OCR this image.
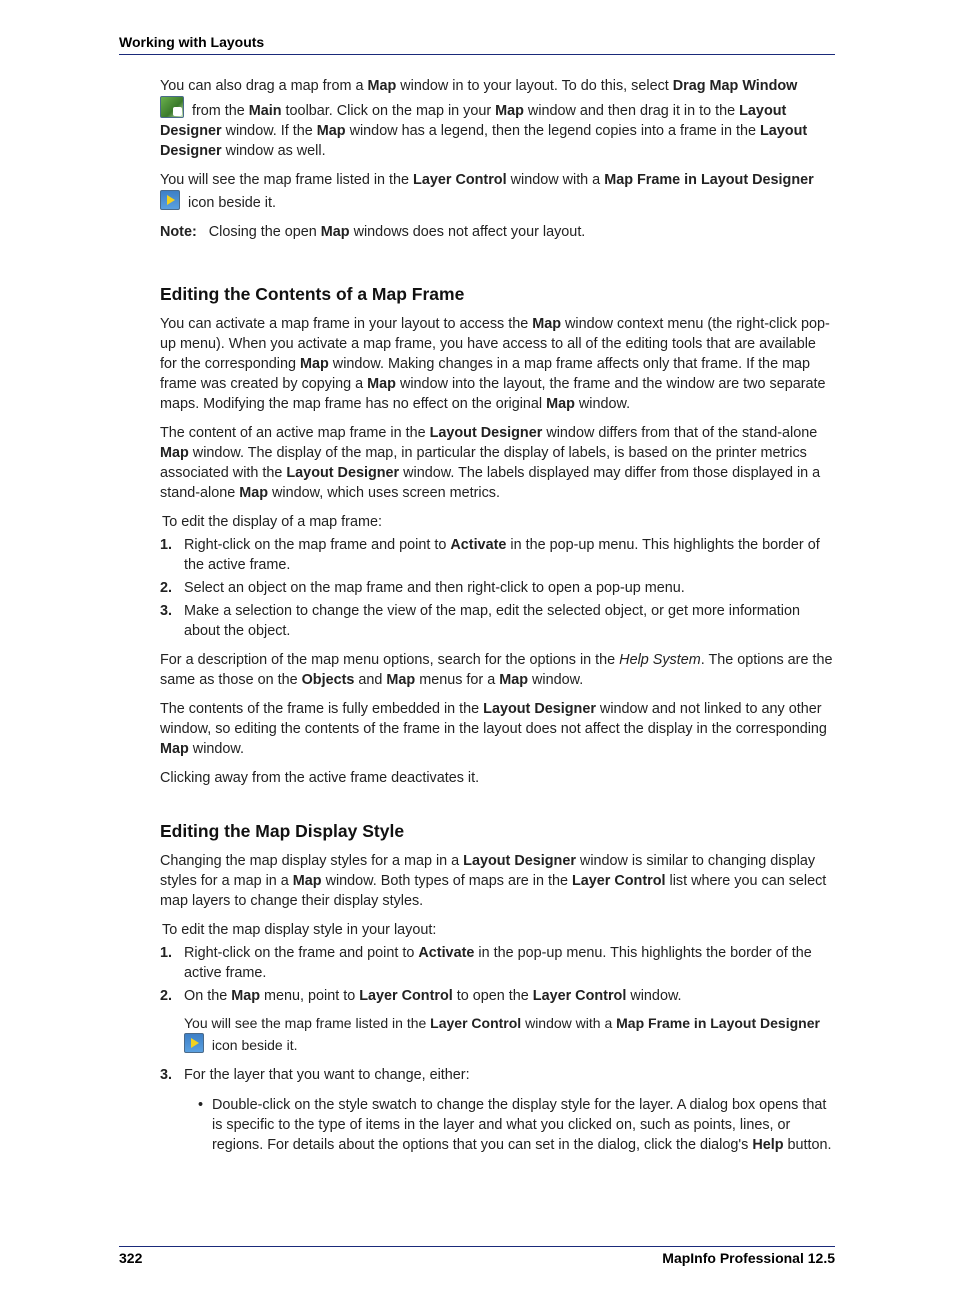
Working with Layouts

You can also drag a map from a Map window in to your layout. To do this, select Drag Map Window
from the Main toolbar. Click on the map in your Map window and then drag it in to the Layout Designer window. If the Map window has a legend, then the legend copies into a frame in the Layout Designer window as well.

You will see the map frame listed in the Layer Control window with a Map Frame in Layout Designer
icon beside it.

Note: Closing the open Map windows does not affect your layout.

Editing the Contents of a Map Frame

You can activate a map frame in your layout to access the Map window context menu (the right-click pop-up menu). When you activate a map frame, you have access to all of the editing tools that are available for the corresponding Map window. Making changes in a map frame affects only that frame. If the map frame was created by copying a Map window into the layout, the frame and the window are two separate maps. Modifying the map frame has no effect on the original Map window.

The content of an active map frame in the Layout Designer window differs from that of the stand-alone Map window. The display of the map, in particular the display of labels, is based on the printer metrics associated with the Layout Designer window. The labels displayed may differ from those displayed in a stand-alone Map window, which uses screen metrics.

To edit the display of a map frame:
1. Right-click on the map frame and point to Activate in the pop-up menu. This highlights the border of the active frame.
2. Select an object on the map frame and then right-click to open a pop-up menu.
3. Make a selection to change the view of the map, edit the selected object, or get more information about the object.

For a description of the map menu options, search for the options in the Help System. The options are the same as those on the Objects and Map menus for a Map window.

The contents of the frame is fully embedded in the Layout Designer window and not linked to any other window, so editing the contents of the frame in the layout does not affect the display in the corresponding Map window.

Clicking away from the active frame deactivates it.

Editing the Map Display Style

Changing the map display styles for a map in a Layout Designer window is similar to changing display styles for a map in a Map window. Both types of maps are in the Layer Control list where you can select map layers to change their display styles.

To edit the map display style in your layout:
1. Right-click on the frame and point to Activate in the pop-up menu. This highlights the border of the active frame.
2. On the Map menu, point to Layer Control to open the Layer Control window.
You will see the map frame listed in the Layer Control window with a Map Frame in Layout Designer
icon beside it.
3. For the layer that you want to change, either:
• Double-click on the style swatch to change the display style for the layer. A dialog box opens that is specific to the type of items in the layer and what you clicked on, such as points, lines, or regions. For details about the options that you can set in the dialog, click the dialog's Help button.
322	MapInfo Professional 12.5
